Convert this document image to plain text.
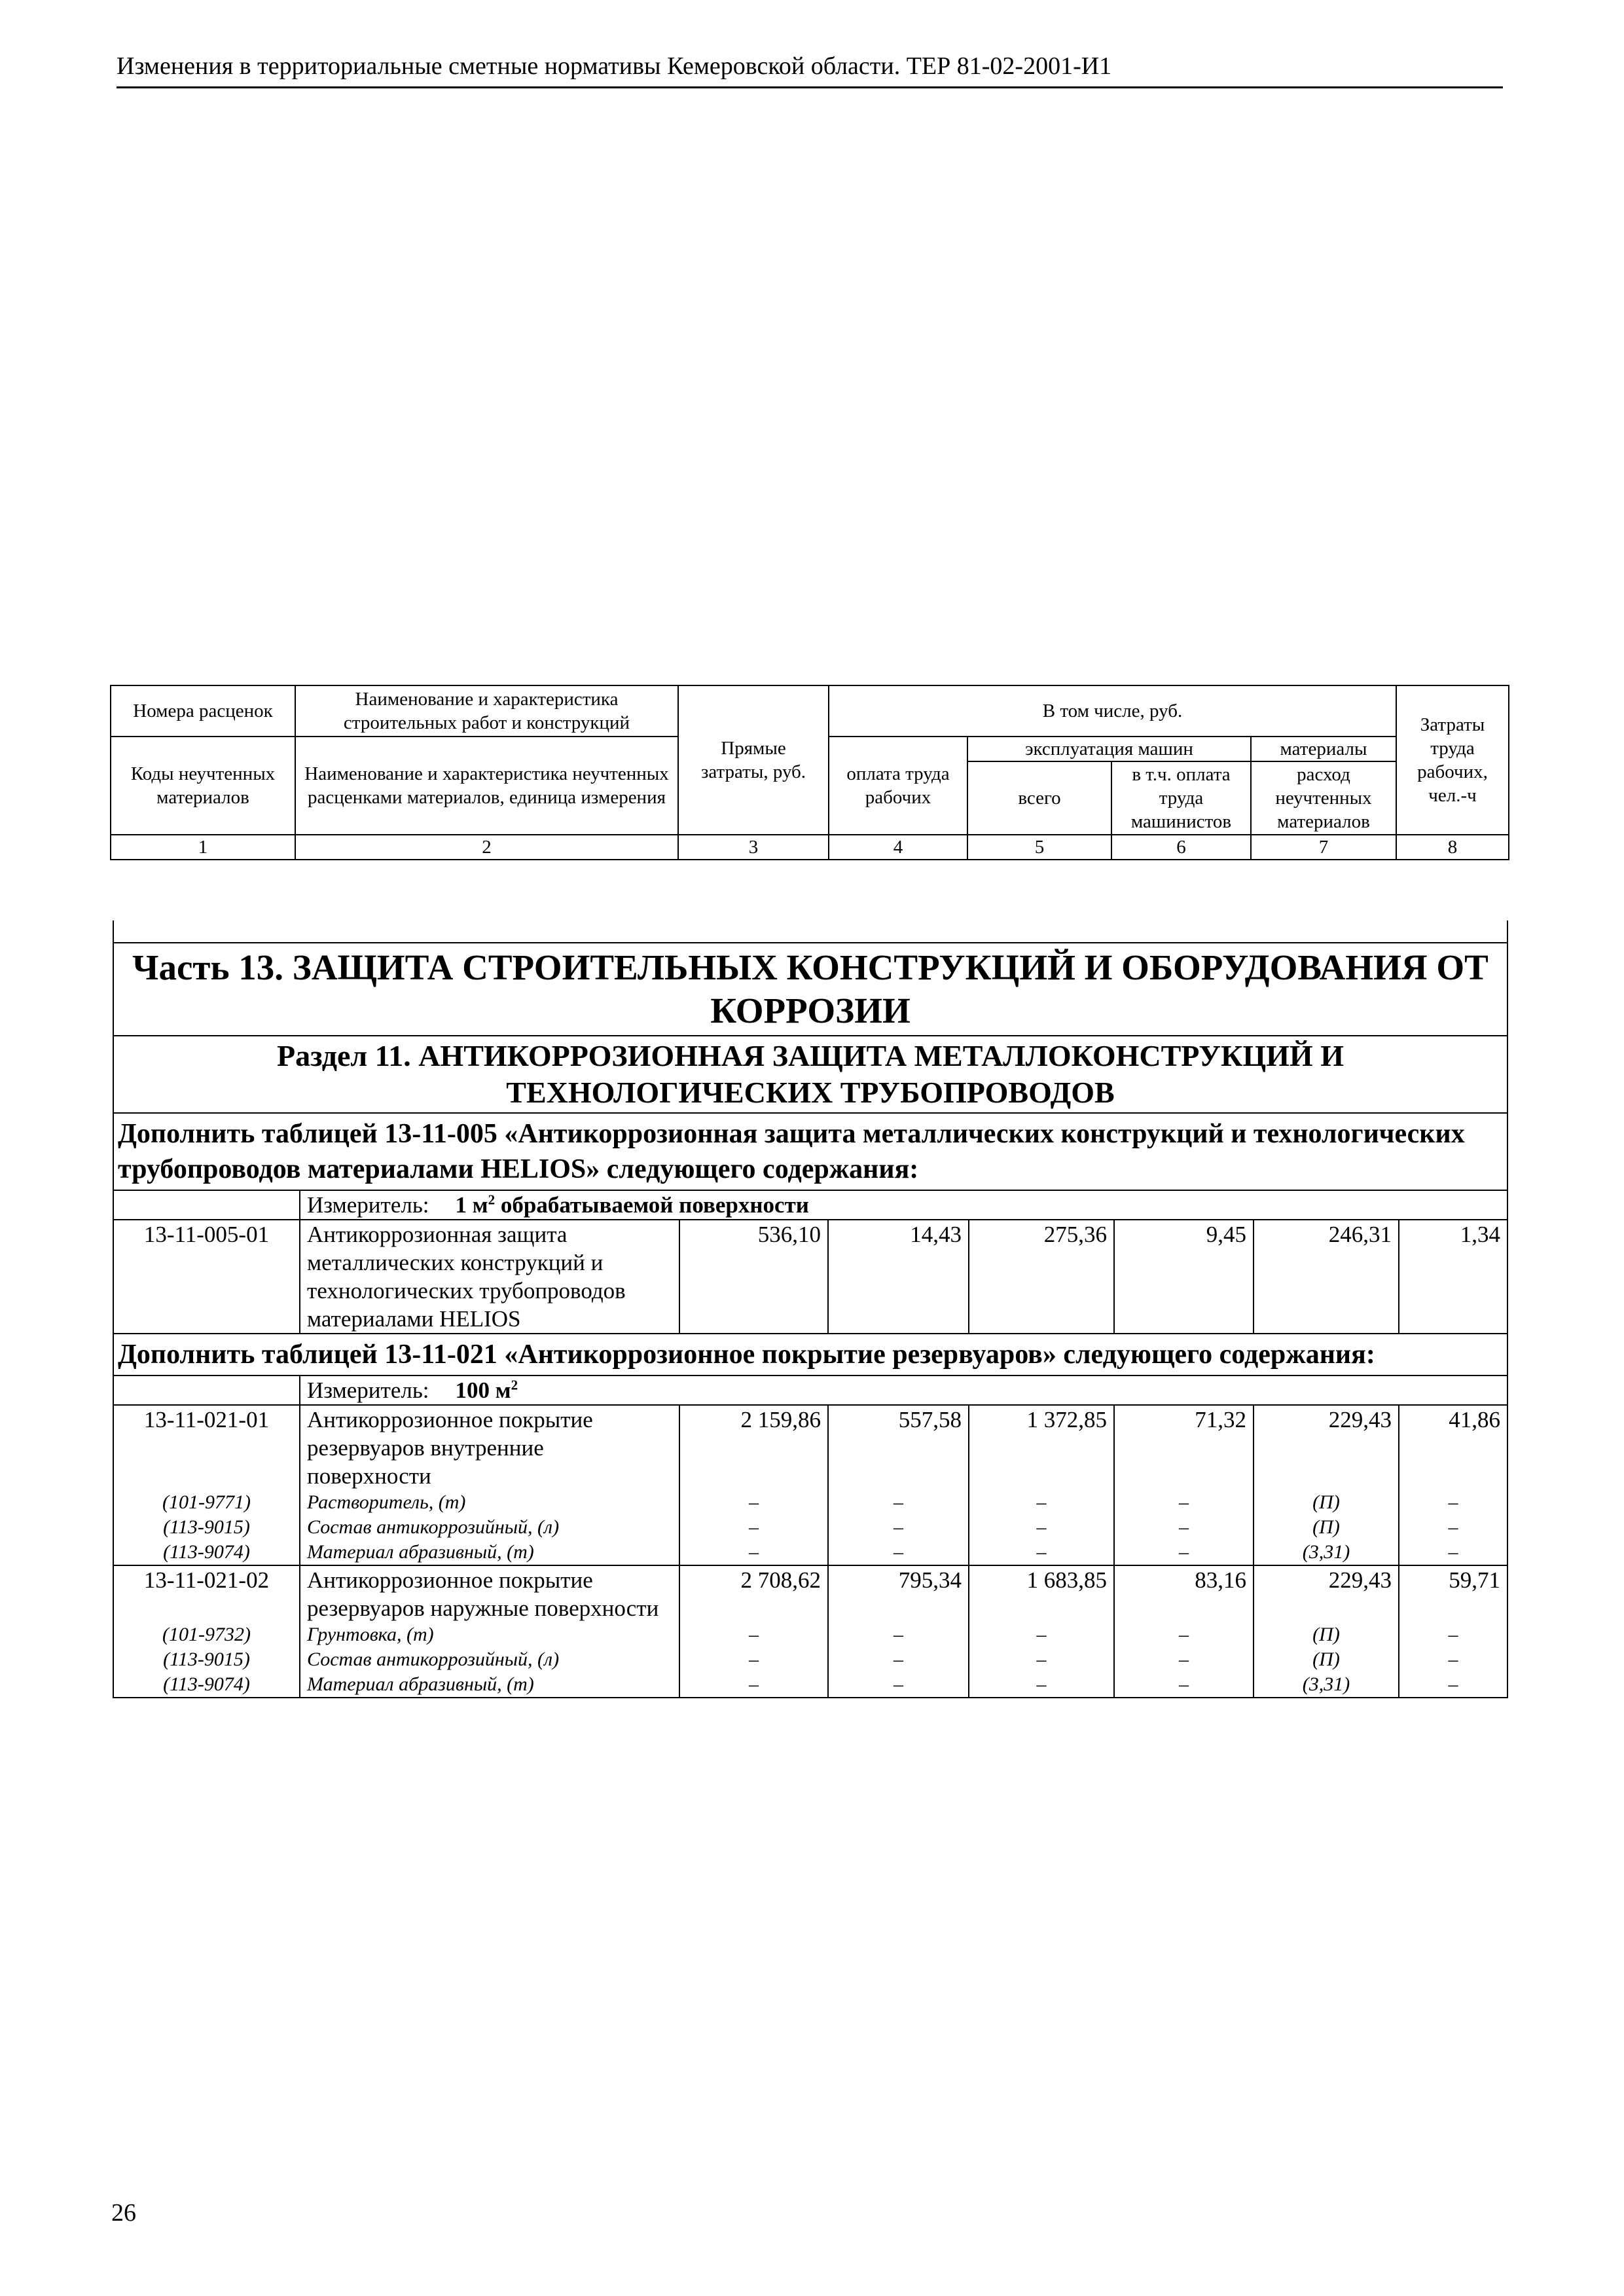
Изменения в территориальные сметные нормативы Кемеровской области. ТЕР 81-02-2001-И1
Номера расценок	Наименование и характеристика строительных работ и конструкций	Прямые затраты, руб.	В том числе, руб.				Затраты труда рабочих, чел.-ч
Коды неучтенных материалов	Наименование и характеристика неучтенных расценками материалов, единица измерения		оплата труда рабочих	эксплуатация машин		материалы	
				всего	в т.ч. оплата труда машинистов	расход неучтенных материалов	
1	2	3	4	5	6	7	8

Часть 13. ЗАЩИТА СТРОИТЕЛЬНЫХ КОНСТРУКЦИЙ И ОБОРУДОВАНИЯ ОТ КОРРОЗИИ							
Раздел 11. АНТИКОРРОЗИОННАЯ ЗАЩИТА МЕТАЛЛОКОНСТРУКЦИЙ И ТЕХНОЛОГИЧЕСКИХ ТРУБОПРОВОДОВ							
Дополнить таблицей 13-11-005 «Антикоррозионная защита металлических конструкций и технологических трубопроводов материалами HELIOS» следующего содержания:							
	Измеритель: 1 $м^2$ обрабатываемой поверхности						
13-11-005-01	Антикоррозионная защита металлических конструкций и технологических трубопроводов материалами HELIOS	536,10	14,43	275,36	9,45	246,31	1,34
Дополнить таблицей 13-11-021 «Антикоррозионное покрытие резервуаров» следующего содержания:							
	Измеритель: 100 $м^2$
13-11-021-01	Антикоррозионное покрытие резервуаров внутренние поверхности	2 159,86	557,58	1 372,85	71,32	229,43	41,86
(101-9771)	Растворитель, (т)	–	–	–	–	(П)	–
(113-9015)	Состав антикоррозийный, (л)	–	–	–	–	(П)	–
(113-9074)	Материал абразивный, (т)	–	–	–	–	(3,31)	–
13-11-021-02	Антикоррозионное покрытие резервуаров наружные поверхности	2 708,62	795,34	1 683,85	83,16	229,43	59,71
(101-9732)	Грунтовка, (т)	–	–	–	–	(П)	–
(113-9015)	Состав антикоррозийный, (л)	–	–	–	–	(П)	–
(113-9074)	Материал абразивный, (т)	–	–	–	–	(3,31)	–
26
